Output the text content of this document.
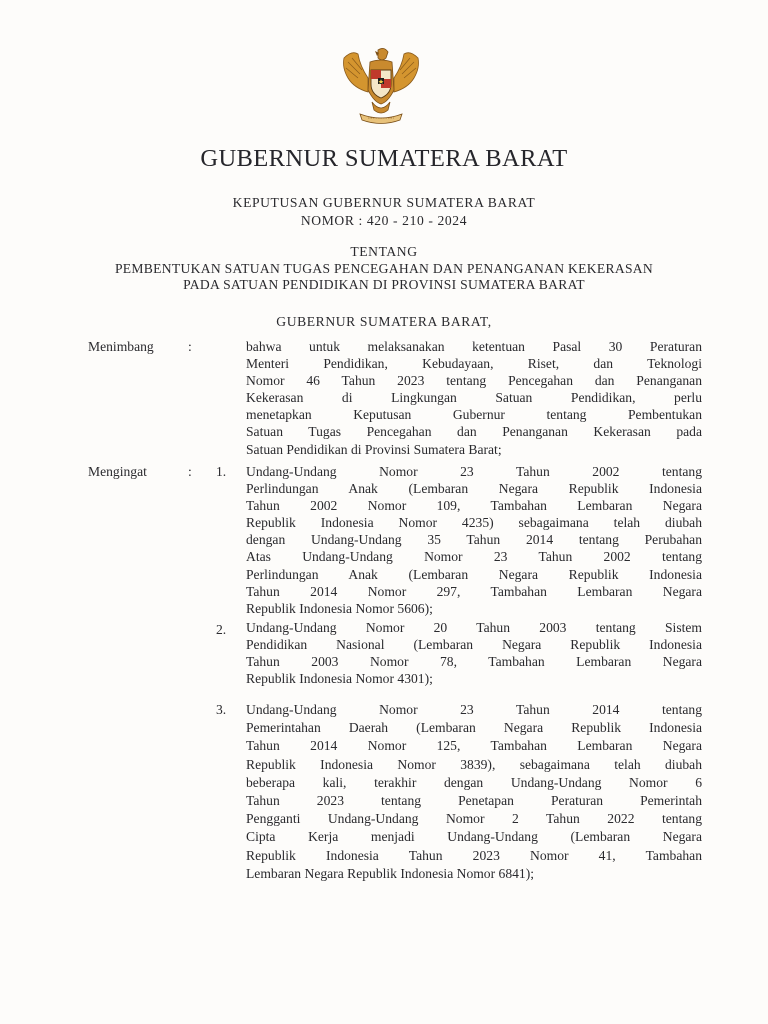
GUBERNUR SUMATERA BARAT
KEPUTUSAN GUBERNUR SUMATERA BARAT
NOMOR : 420 - 210 - 2024
TENTANG
PEMBENTUKAN SATUAN TUGAS PENCEGAHAN DAN PENANGANAN KEKERASAN
PADA SATUAN PENDIDIKAN DI PROVINSI SUMATERA BARAT
GUBERNUR SUMATERA BARAT,
Menimbang	:	bahwa untuk melaksanakan ketentuan Pasal 30 Peraturan
Menteri Pendidikan, Kebudayaan, Riset, dan Teknologi
Nomor 46 Tahun 2023 tentang Pencegahan dan Penanganan
Kekerasan di Lingkungan Satuan Pendidikan, perlu
menetapkan Keputusan Gubernur tentang Pembentukan
Satuan Tugas Pencegahan dan Penanganan Kekerasan pada
Satuan Pendidikan di Provinsi Sumatera Barat;
Mengingat	: 1. Undang-Undang Nomor 23 Tahun 2002 tentang
Perlindungan Anak (Lembaran Negara Republik Indonesia
Tahun 2002 Nomor 109, Tambahan Lembaran Negara
Republik Indonesia Nomor 4235) sebagaimana telah diubah
dengan Undang-Undang 35 Tahun 2014 tentang Perubahan
Atas Undang-Undang Nomor 23 Tahun 2002 tentang
Perlindungan Anak (Lembaran Negara Republik Indonesia
Tahun 2014 Nomor 297, Tambahan Lembaran Negara
Republik Indonesia Nomor 5606);
2. Undang-Undang Nomor 20 Tahun 2003 tentang Sistem
Pendidikan Nasional (Lembaran Negara Republik Indonesia
Tahun 2003 Nomor 78, Tambahan Lembaran Negara
Republik Indonesia Nomor 4301);
3. Undang-Undang Nomor 23 Tahun 2014 tentang
Pemerintahan Daerah (Lembaran Negara Republik Indonesia
Tahun 2014 Nomor 125, Tambahan Lembaran Negara
Republik Indonesia Nomor 3839), sebagaimana telah diubah
beberapa kali, terakhir dengan Undang-Undang Nomor 6
Tahun 2023 tentang Penetapan Peraturan Pemerintah
Pengganti Undang-Undang Nomor 2 Tahun 2022 tentang
Cipta Kerja menjadi Undang-Undang (Lembaran Negara
Republik Indonesia Tahun 2023 Nomor 41, Tambahan
Lembaran Negara Republik Indonesia Nomor 6841);
